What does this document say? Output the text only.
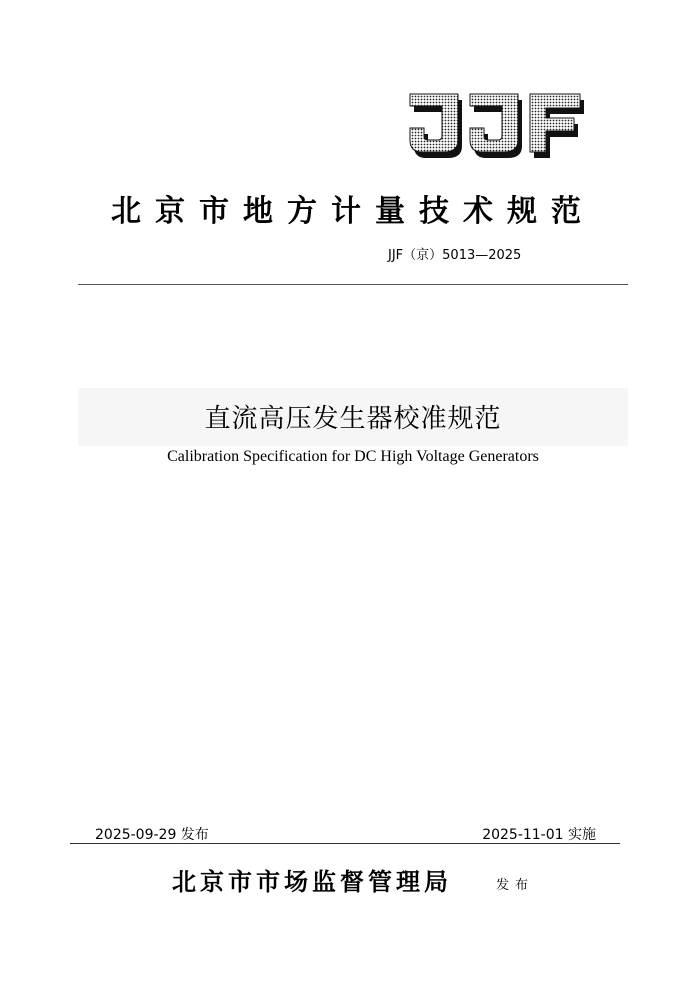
北京市地方计量技术规范
JJF（京）5013—2025
直流高压发生器校准规范
Calibration Specification for DC High Voltage Generators
2025-09-29 发布	2025-11-01 实施
北京市市场监督管理局	发布
